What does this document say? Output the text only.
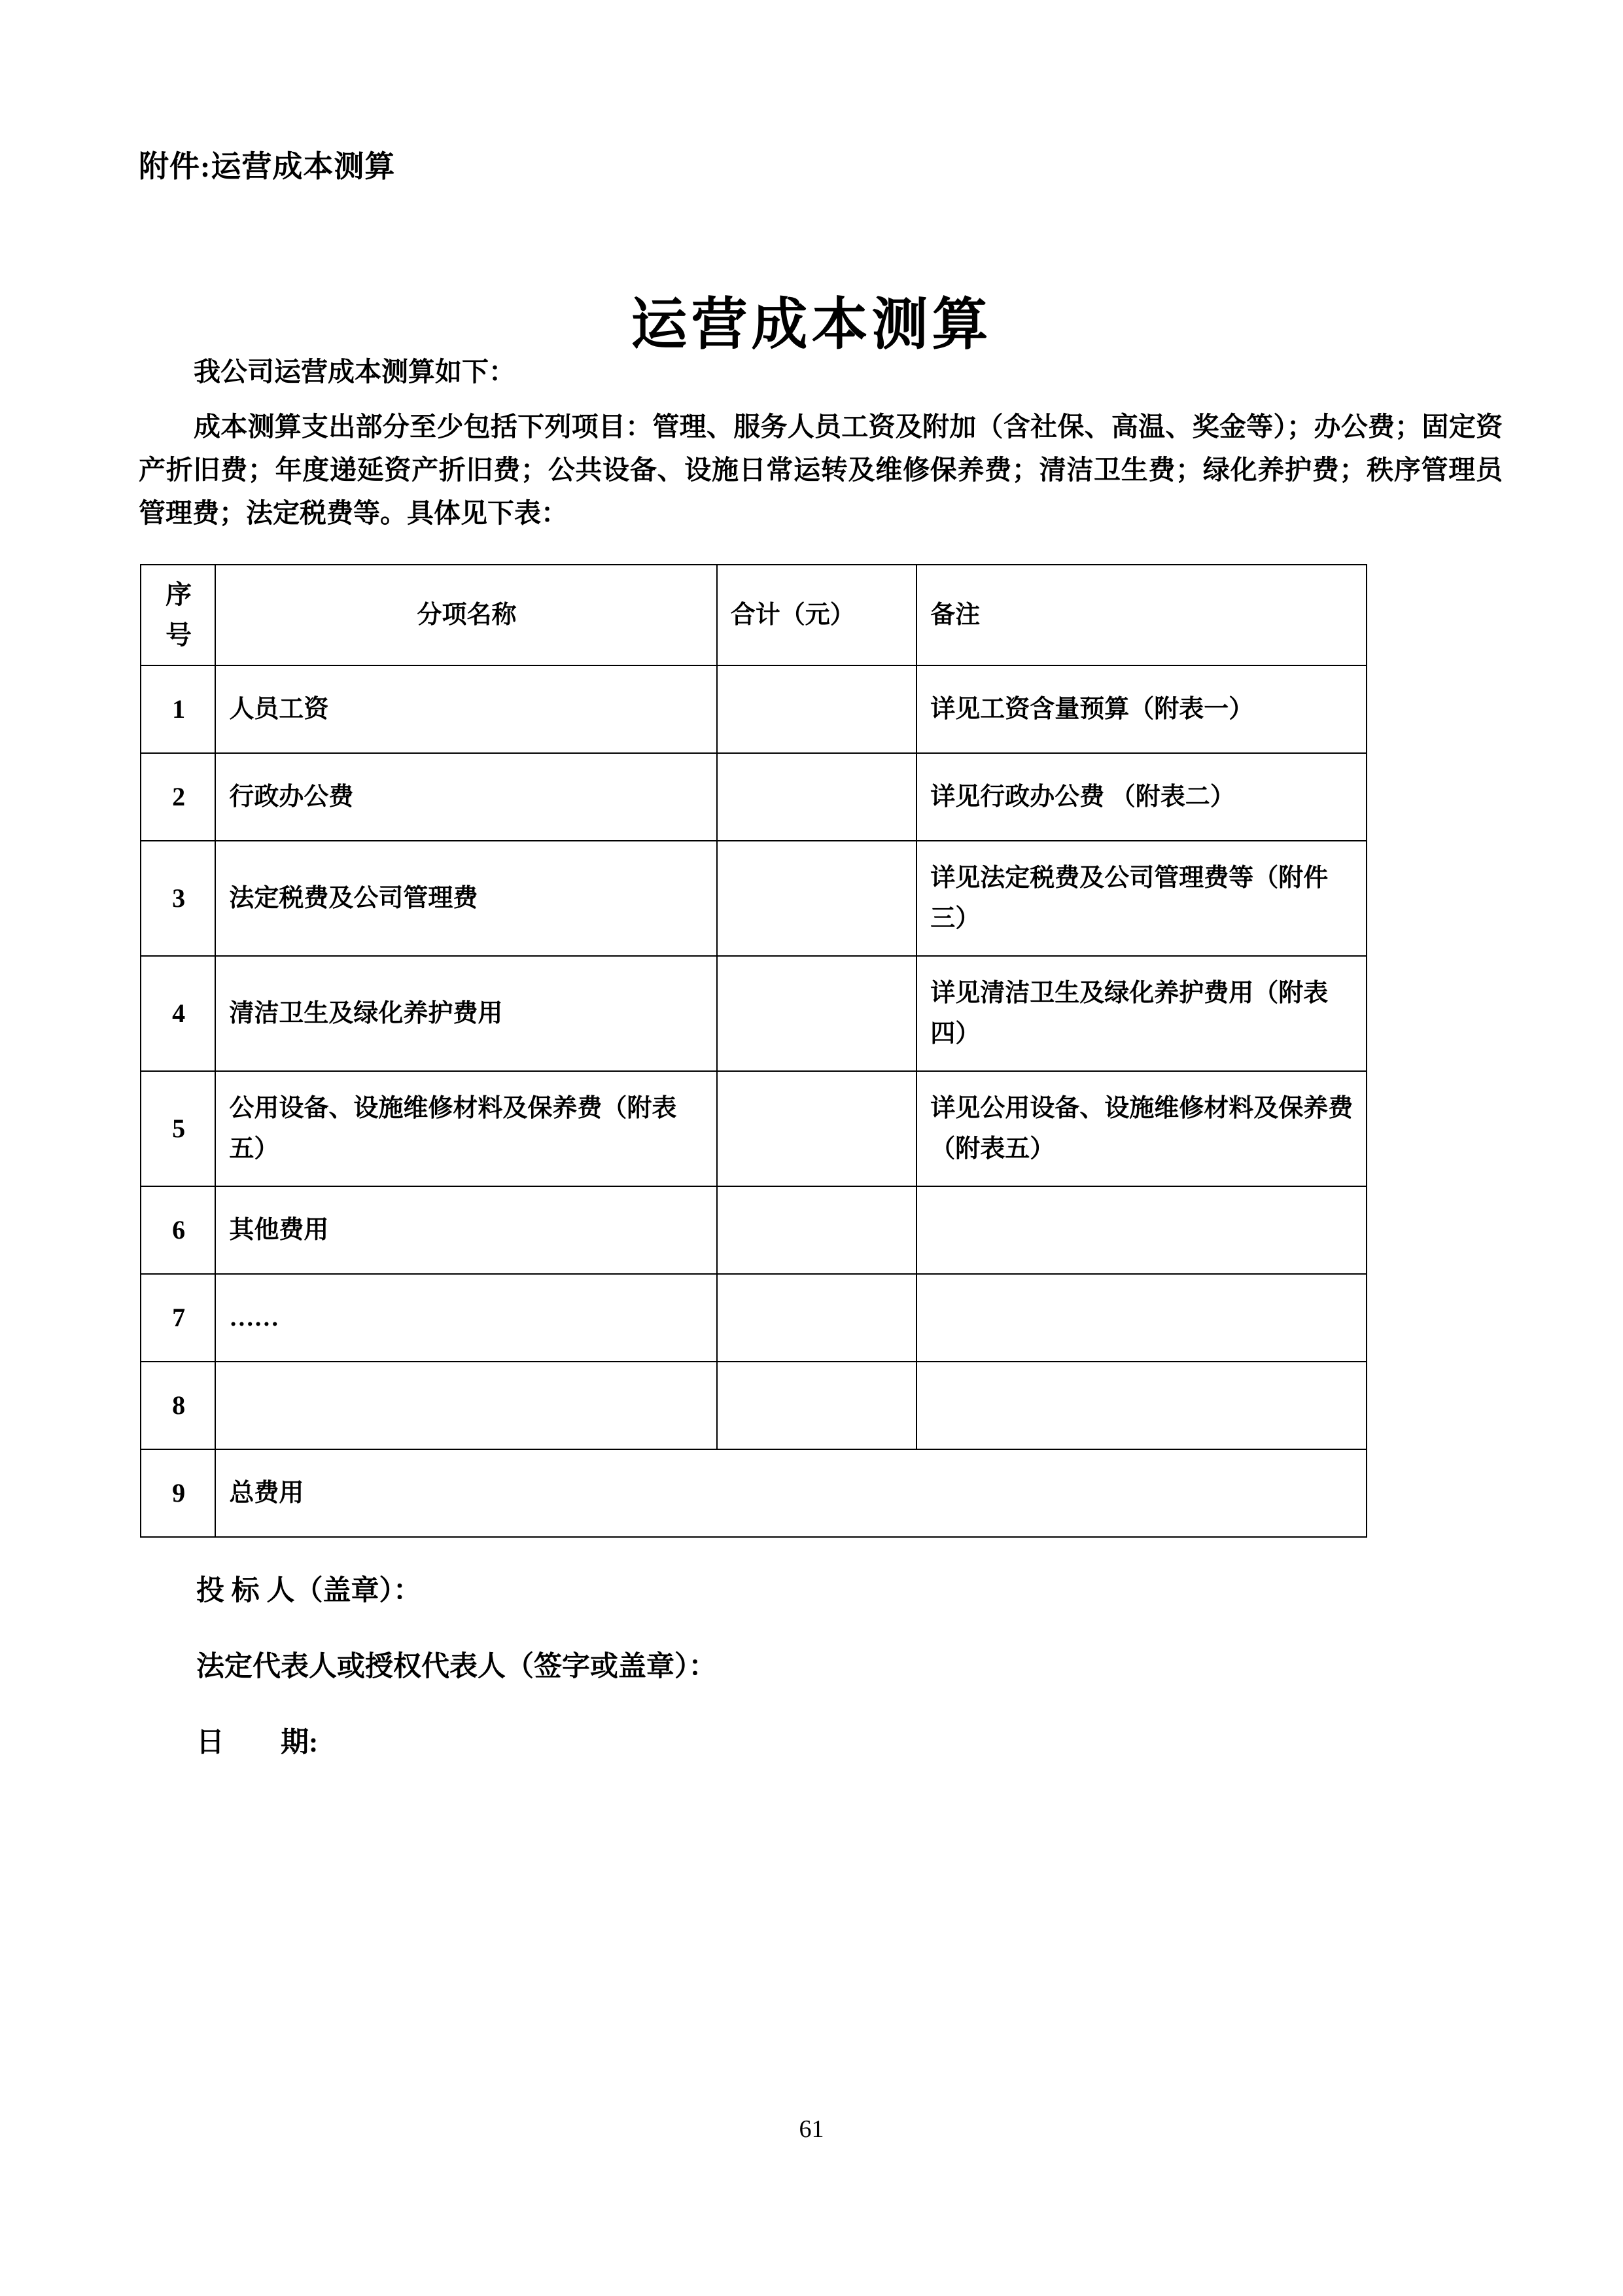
附件:运营成本测算
运营成本测算

我公司运营成本测算如下：

成本测算支出部分至少包括下列项目：管理、服务人员工资及附加（含社保、高温、奖金等）；办公费；固定资产折旧费；年度递延资产折旧费；公共设备、设施日常运转及维修保养费；清洁卫生费；绿化养护费；秩序管理员管理费；法定税费等。具体见下表：

序号	分项名称	合计（元）	备注
1	人员工资		详见工资含量预算（附表一）
2	行政办公费		详见行政办公费 （附表二）
3	法定税费及公司管理费		详见法定税费及公司管理费等（附件三）
4	清洁卫生及绿化养护费用		详见清洁卫生及绿化养护费用（附表四）
5	公用设备、设施维修材料及保养费（附表五）		详见公用设备、设施维修材料及保养费（附表五）
6	其他费用		
7	……		
8			
9	总费用		
投 标 人（盖章）：
法定代表人或授权代表人（签字或盖章）：
日　　期:
61
